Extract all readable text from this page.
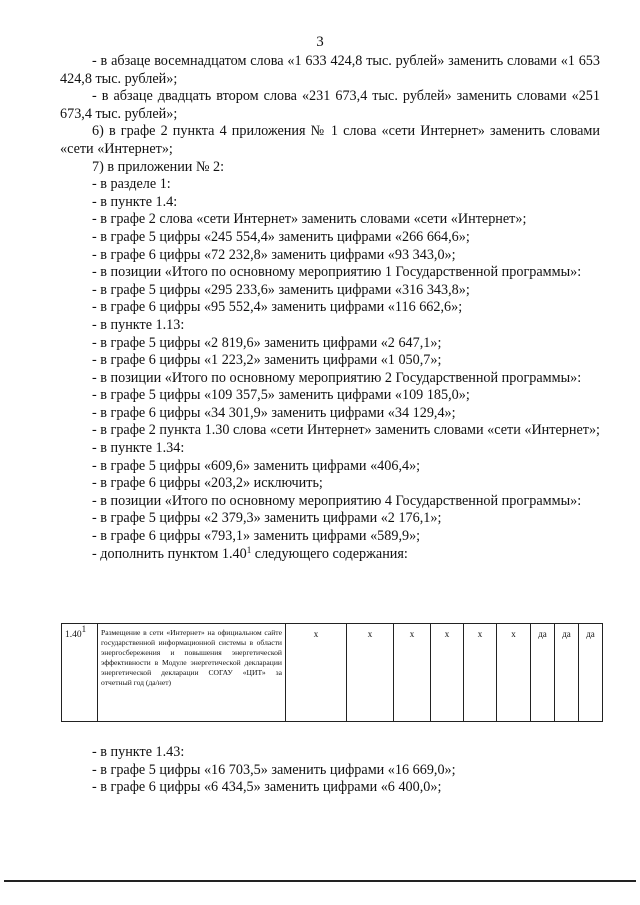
3

- в абзаце восемнадцатом слова «1 633 424,8 тыс. рублей» заменить словами «1 653 424,8 тыс. рублей»;

- в абзаце двадцать втором слова «231 673,4 тыс. рублей» заменить словами «251 673,4 тыс. рублей»;

6) в графе 2 пункта 4 приложения № 1 слова «сети Интернет» заменить словами «сети «Интернет»;

7) в приложении № 2:

- в разделе 1:

- в пункте 1.4:

- в графе 2 слова «сети Интернет» заменить словами «сети «Интернет»;

- в графе 5 цифры «245 554,4» заменить цифрами «266 664,6»;

- в графе 6 цифры «72 232,8» заменить цифрами «93 343,0»;

- в позиции «Итого по основному мероприятию 1 Государственной программы»:

- в графе 5 цифры «295 233,6» заменить цифрами «316 343,8»;

- в графе 6 цифры «95 552,4» заменить цифрами «116 662,6»;

- в пункте 1.13:

- в графе 5 цифры «2 819,6» заменить цифрами «2 647,1»;

- в графе 6 цифры «1 223,2» заменить цифрами «1 050,7»;

- в позиции «Итого по основному мероприятию 2 Государственной программы»:

- в графе 5 цифры «109 357,5» заменить цифрами «109 185,0»;

- в графе 6 цифры «34 301,9» заменить цифрами «34 129,4»;

- в графе 2 пункта 1.30 слова «сети Интернет» заменить словами «сети «Интернет»;

- в пункте 1.34:

- в графе 5 цифры «609,6» заменить цифрами «406,4»;

- в графе 6 цифры «203,2» исключить;

- в позиции «Итого по основному мероприятию 4 Государственной программы»:

- в графе 5 цифры «2 379,3» заменить цифрами «2 176,1»;

- в графе 6 цифры «793,1» заменить цифрами «589,9»;

- дополнить пунктом 1.40$^1$ следующего содержания:

1.40$^1$	Размещение в сети «Интернет» на официальном сайте государственной информационной системы в области энергосбережения и повышения энергетической эффективности в Модуле энергетической декларации энергетической декларации СОГАУ «ЦИТ» за отчетный год (да/нет)	х	х	х	х	х	х	да	да	да

- в пункте 1.43:

- в графе 5 цифры «16 703,5» заменить цифрами «16 669,0»;

- в графе 6 цифры «6 434,5» заменить цифрами «6 400,0»;
